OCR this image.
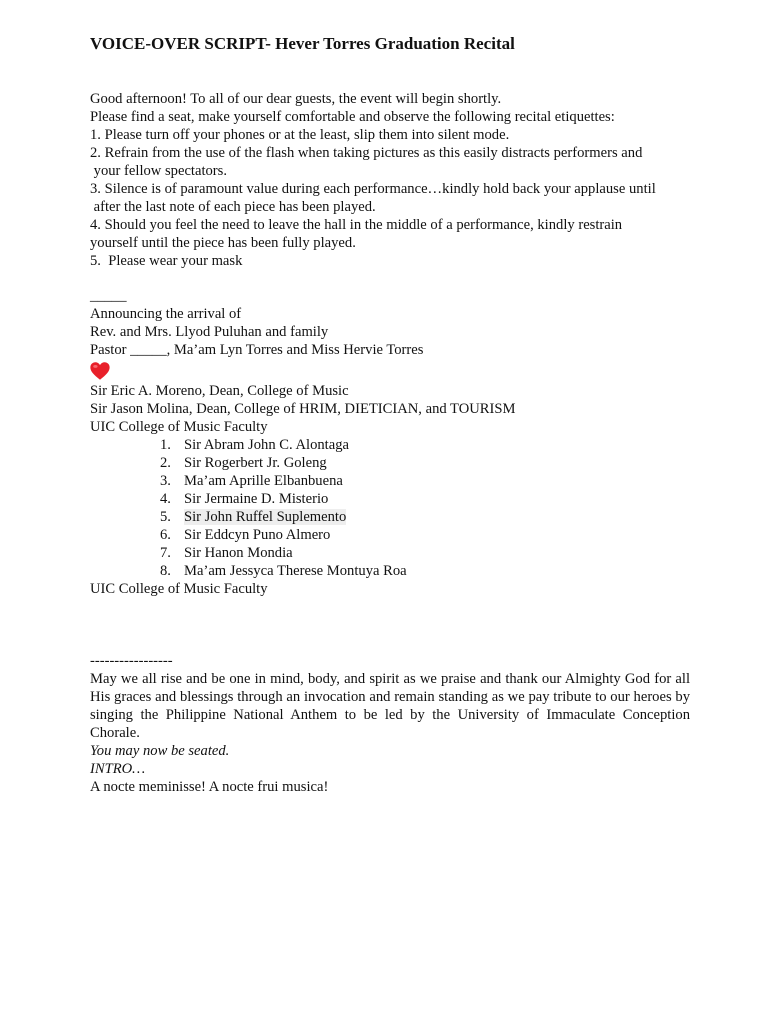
VOICE-OVER SCRIPT- Hever Torres Graduation Recital

Good afternoon! To all of our dear guests, the event will begin shortly.

Please find a seat, make yourself comfortable and observe the following recital etiquettes:

1. Please turn off your phones or at the least, slip them into silent mode.

2. Refrain from the use of the flash when taking pictures as this easily distracts performers and

your fellow spectators.

3. Silence is of paramount value during each performance…kindly hold back your applause until

after the last note of each piece has been played.

4. Should you feel the need to leave the hall in the middle of a performance, kindly restrain

yourself until the piece has been fully played.

5.  Please wear your mask

_____

Announcing the arrival of

Rev. and Mrs. Llyod Puluhan and family

Pastor _____, Ma’am Lyn Torres and Miss Hervie Torres

Sir Eric A. Moreno, Dean, College of Music

Sir Jason Molina, Dean, College of HRIM, DIETICIAN, and TOURISM

UIC College of Music Faculty

1. Sir Abram John C. Alontaga
2. Sir Rogerbert Jr. Goleng
3. Ma’am Aprille Elbanbuena
4. Sir Jermaine D. Misterio
5. Sir John Ruffel Suplemento
6. Sir Eddcyn Puno Almero
7. Sir Hanon Mondia
8. Ma’am Jessyca Therese Montuya Roa

UIC College of Music Faculty

-----------------

May we all rise and be one in mind, body, and spirit as we praise and thank our Almighty God for all His graces and blessings through an invocation and remain standing as we pay tribute to our heroes by singing the Philippine National Anthem to be led by the University of Immaculate Conception Chorale.

You may now be seated.

INTRO…

A nocte meminisse! A nocte frui musica!
